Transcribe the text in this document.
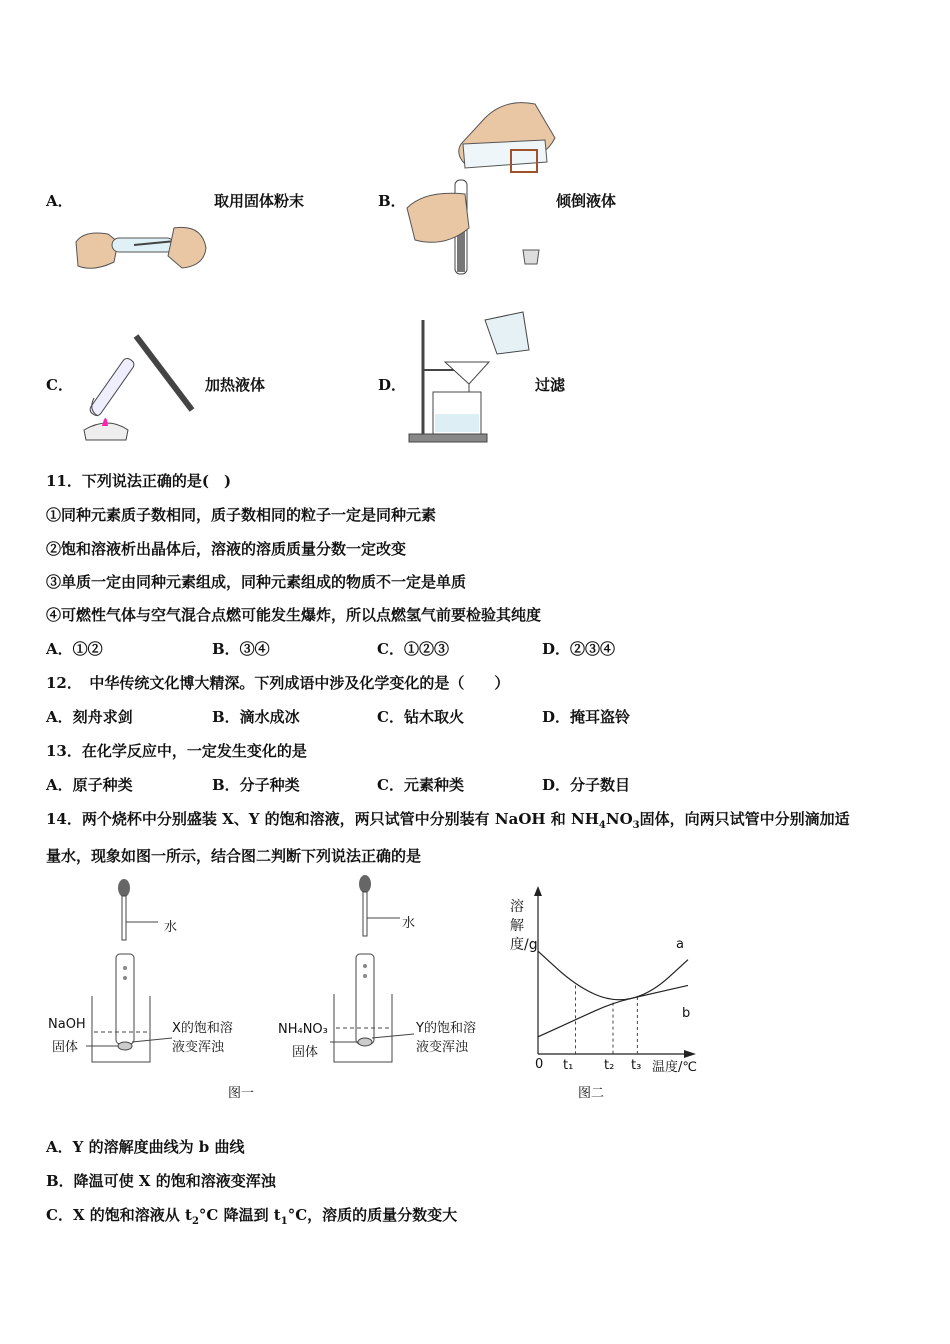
A．	取用固体粉末	B．	倾倒液体
C．	加热液体	D．	过滤
11．下列说法正确的是(　)
①同种元素质子数相同，质子数相同的粒子一定是同种元素
②饱和溶液析出晶体后，溶液的溶质质量分数一定改变
③单质一定由同种元素组成，同种元素组成的物质不一定是单质
④可燃性气体与空气混合点燃可能发生爆炸，所以点燃氢气前要检验其纯度
A．①②	B．③④	C．①②③	D．②③④
12．　中华传统文化博大精深。下列成语中涉及化学变化的是（　　）
A．刻舟求剑	B．滴水成冰	C．钻木取火	D．掩耳盗铃
13．在化学反应中，一定发生变化的是
A．原子种类	B．分子种类	C．元素种类	D．分子数目
14．两个烧杯中分别盛装 X、Y 的饱和溶液，两只试管中分别装有 NaOH 和 $NH_4NO_3$固体，向两只试管中分别滴加适
量水，现象如图一所示，结合图二判断下列说法正确的是
水
NaOH
固体
X的饱和溶
液变浑浊
水
NH₄NO₃
固体
Y的饱和溶
液变浑浊
图一
溶解度/g
0 t₁ t₂ t₃ 温度/℃
a
b
图二
A．Y 的溶解度曲线为 b 曲线
B．降温可使 X 的饱和溶液变浑浊
C．X 的饱和溶液从 $t_2^\circ C$ 降温到 $t_1^\circ C$，溶质的质量分数变大
